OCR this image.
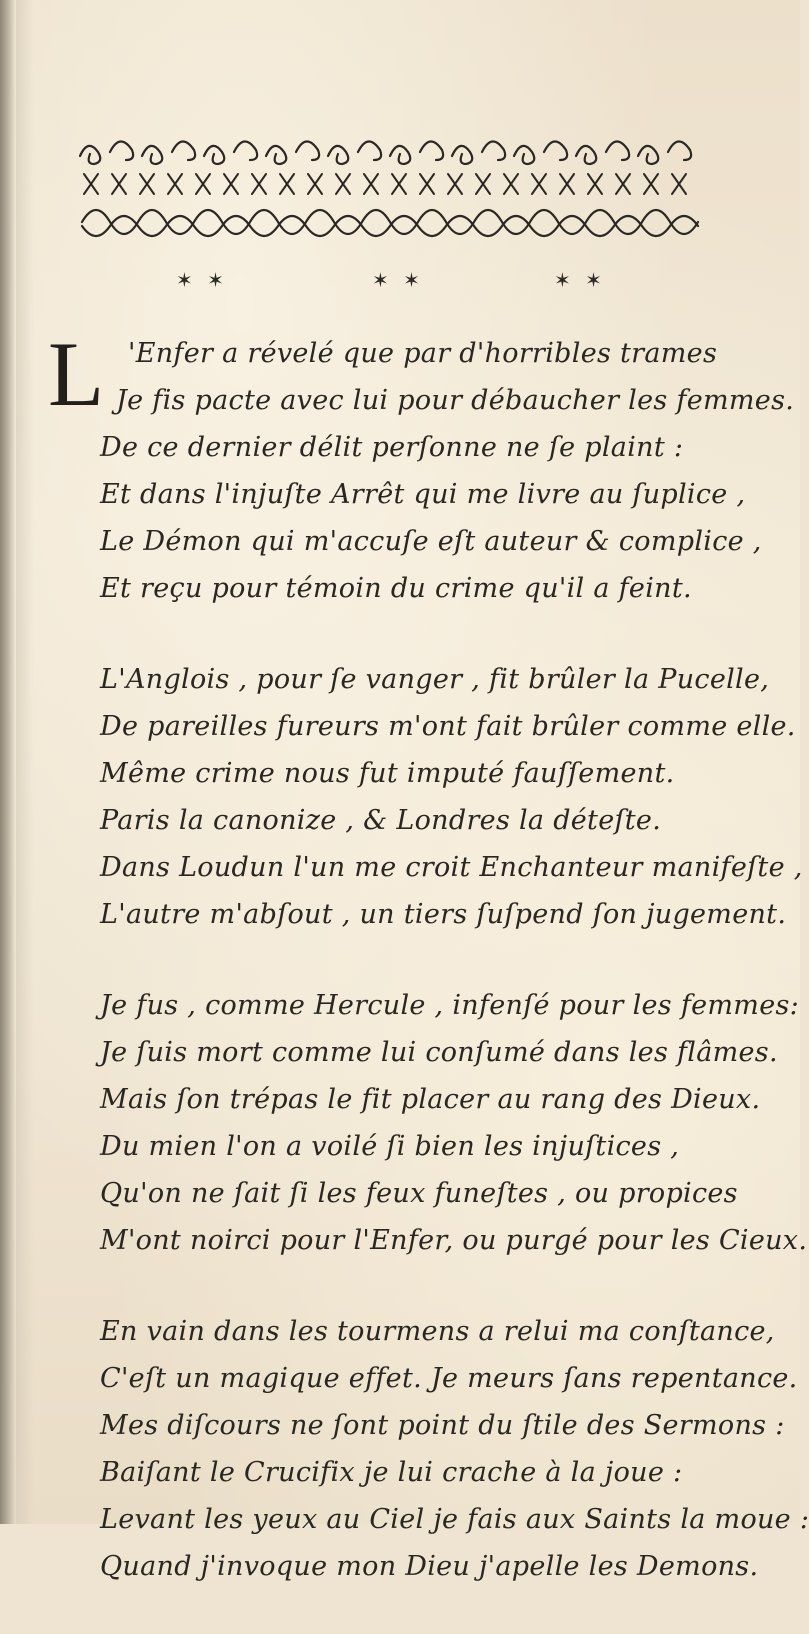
✶ ✶	✶ ✶	✶ ✶
L 'Enfer a révelé que par d'horribles trames
Je fis pacte avec lui pour débaucher les femmes.
De ce dernier délit perſonne ne ſe plaint :
Et dans l'injuſte Arrêt qui me livre au ſuplice ,
Le Démon qui m'accuſe eſt auteur & complice ,
Et reçu pour témoin du crime qu'il a feint.
L'Anglois , pour ſe vanger , fit brûler la Pucelle,
De pareilles fureurs m'ont fait brûler comme elle.
Même crime nous fut imputé fauſſement.
Paris la canonize , & Londres la déteſte.
Dans Loudun l'un me croit Enchanteur manifeſte ,
L'autre m'abſout , un tiers ſuſpend ſon jugement.
Je fus , comme Hercule , infenſé pour les femmes:
Je ſuis mort comme lui conſumé dans les flâmes.
Mais ſon trépas le fit placer au rang des Dieux.
Du mien l'on a voilé ſi bien les injuſtices ,
Qu'on ne ſait ſi les feux funeſtes , ou propices
M'ont noirci pour l'Enfer, ou purgé pour les Cieux.
En vain dans les tourmens a relui ma conſtance,
C'eſt un magique effet. Je meurs ſans repentance.
Mes diſcours ne ſont point du ſtile des Sermons :
Baiſant le Crucifix je lui crache à la joue :
Levant les yeux au Ciel je fais aux Saints la moue :
Quand j'invoque mon Dieu j'apelle les Demons.
